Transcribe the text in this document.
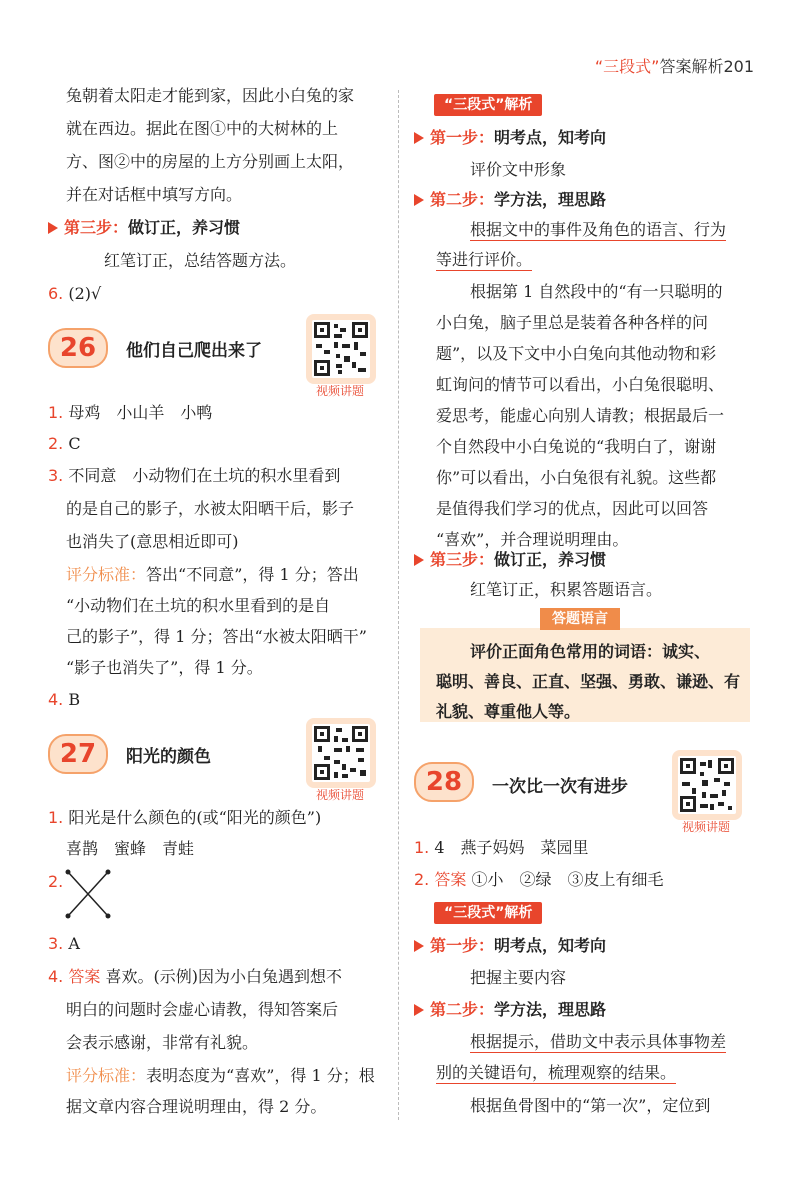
“三段式”答案解析201
兔朝着太阳走才能到家，因此小白兔的家
就在西边。据此在图①中的大树林的上
方、图②中的房屋的上方分别画上太阳，
并在对话框中填写方向。
第三步：做订正，养习惯
红笔订正，总结答题方法。
6. (2)√
26	他们自己爬出来了
视频讲题
1. 母鸡　小山羊　小鸭
2. C
3. 不同意　小动物们在土坑的积水里看到
的是自己的影子，水被太阳晒干后，影子
也消失了(意思相近即可)
评分标准：答出“不同意”，得 1 分；答出
“小动物们在土坑的积水里看到的是自
己的影子”，得 1 分；答出“水被太阳晒干”
“影子也消失了”，得 1 分。
4. B
27	阳光的颜色
视频讲题
1. 阳光是什么颜色的(或“阳光的颜色”)
喜鹊　蜜蜂　青蛙
2.
3. A
4. 答案 喜欢。(示例)因为小白兔遇到想不
明白的问题时会虚心请教，得知答案后
会表示感谢，非常有礼貌。
评分标准：表明态度为“喜欢”，得 1 分；根
据文章内容合理说明理由，得 2 分。
“三段式”解析
第一步：明考点，知考向
评价文中形象
第二步：学方法，理思路
根据文中的事件及角色的语言、行为
等进行评价。
根据第 1 自然段中的“有一只聪明的
小白兔，脑子里总是装着各种各样的问
题”，以及下文中小白兔向其他动物和彩
虹询问的情节可以看出，小白兔很聪明、
爱思考，能虚心向别人请教；根据最后一
个自然段中小白兔说的“我明白了，谢谢
你”可以看出，小白兔很有礼貌。这些都
是值得我们学习的优点，因此可以回答
“喜欢”，并合理说明理由。
第三步：做订正，养习惯
红笔订正，积累答题语言。
答题语言
评价正面角色常用的词语：诚实、
聪明、善良、正直、坚强、勇敢、谦逊、有
礼貌、尊重他人等。
28	一次比一次有进步
视频讲题
1. 4　燕子妈妈　菜园里
2. 答案 ①小　②绿　③皮上有细毛
“三段式”解析
第一步：明考点，知考向
把握主要内容
第二步：学方法，理思路
根据提示，借助文中表示具体事物差
别的关键语句，梳理观察的结果。
根据鱼骨图中的“第一次”，定位到
